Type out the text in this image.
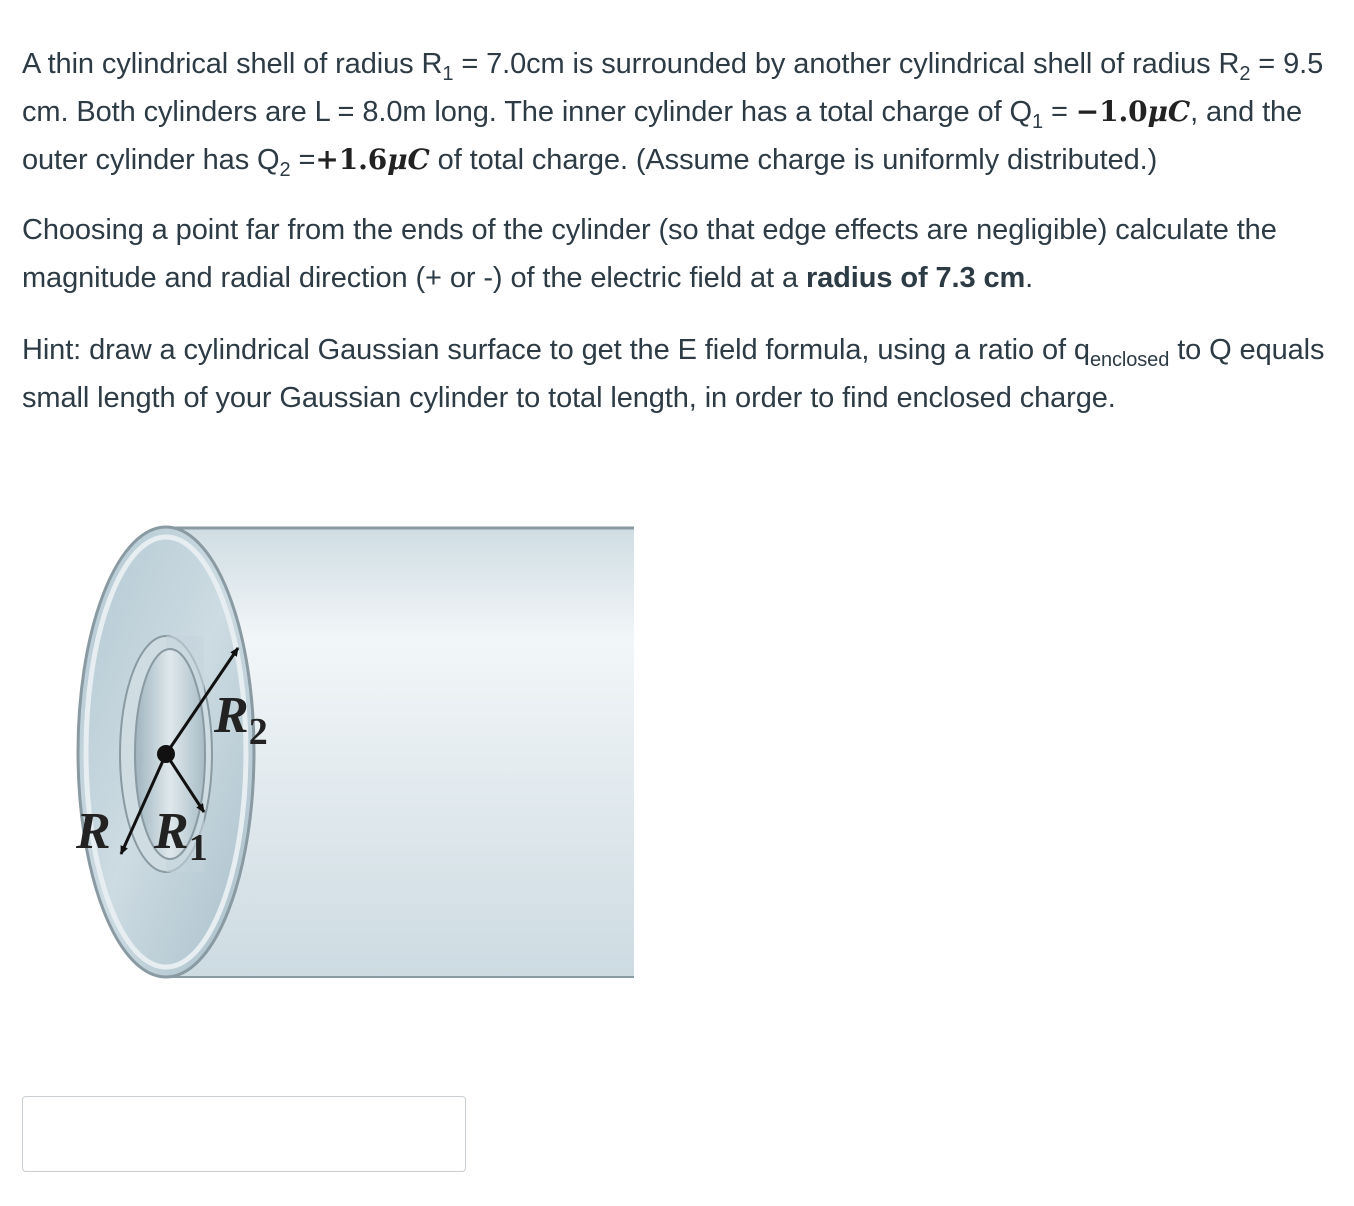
A thin cylindrical shell of radius $R_1 = 7.0cm$ is surrounded by another cylindrical shell of radius $R_2 = 9.5$ cm. Both cylinders are L = 8.0m long. The inner cylinder has a total charge of $Q_1 = -1.0\mu C$, and the outer cylinder has $Q_2 =+1.6\mu C$ of total charge. (Assume charge is uniformly distributed.)

Choosing a point far from the ends of the cylinder (so that edge effects are negligible) calculate the magnitude and radial direction (+ or -) of the electric field at a radius of 7.3 cm.

Hint: draw a cylindrical Gaussian surface to get the E field formula, using a ratio of $q_{enclosed}$ to Q equals small length of your Gaussian cylinder to total length, in order to find enclosed charge.

$R_2$
R $R_1$
